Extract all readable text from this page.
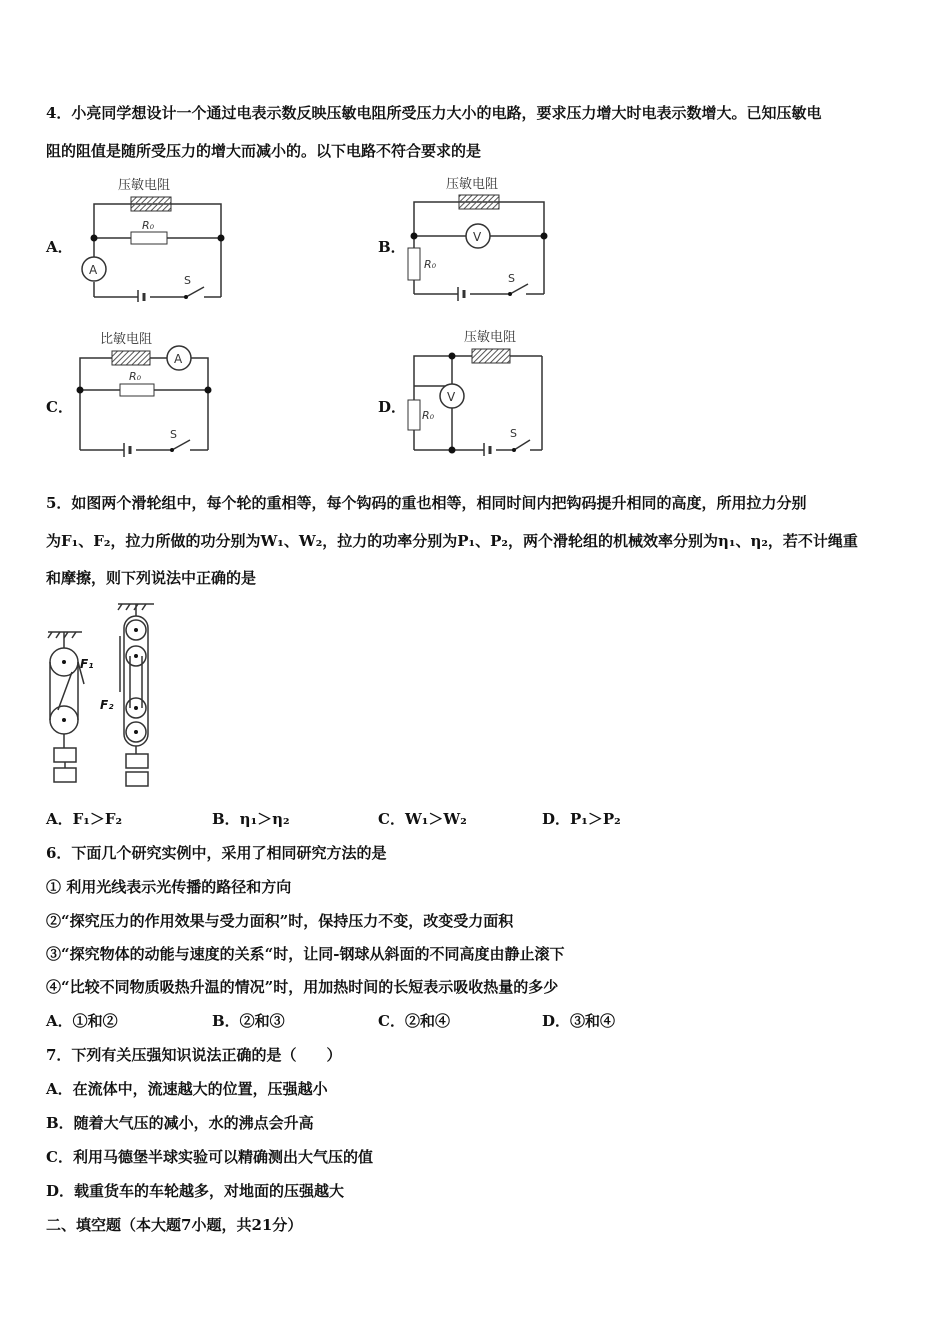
4．小亮同学想设计一个通过电表示数反映压敏电阻所受压力大小的电路，要求压力增大时电表示数增大。已知压敏电
阻的阻值是随所受压力的增大而减小的。以下电路不符合要求的是
A．	B．
C．	D．
压敏电阻
R₀
A
S
压敏电阻
R₀
V
S
比敏电阻
R₀
A
S
压敏电阻
R₀
V
S
5．如图两个滑轮组中，每个轮的重相等，每个钩码的重也相等，相同时间内把钩码提升相同的高度，所用拉力分别
为F₁、F₂，拉力所做的功分别为W₁、W₂，拉力的功率分别为P₁、P₂，两个滑轮组的机械效率分别为η₁、η₂，若不计绳重
和摩擦，则下列说法中正确的是
F₁
F₂
A．F₁＞F₂	B．η₁＞η₂	C．W₁＞W₂	D．P₁＞P₂
6．下面几个研究实例中，采用了相同研究方法的是
① 利用光线表示光传播的路径和方向
②“探究压力的作用效果与受力面积”时，保持压力不变，改变受力面积
③“探究物体的动能与速度的关系“时，让同-钢球从斜面的不同高度由静止滚下
④“比较不同物质吸热升温的情况”时，用加热时间的长短表示吸收热量的多少
A．①和②	B．②和③	C．②和④	D．③和④
7．下列有关压强知识说法正确的是（　　）
A．在流体中，流速越大的位置，压强越小
B．随着大气压的减小，水的沸点会升高
C．利用马德堡半球实验可以精确测出大气压的值
D．载重货车的车轮越多，对地面的压强越大
二、填空题（本大题7小题，共21分）
